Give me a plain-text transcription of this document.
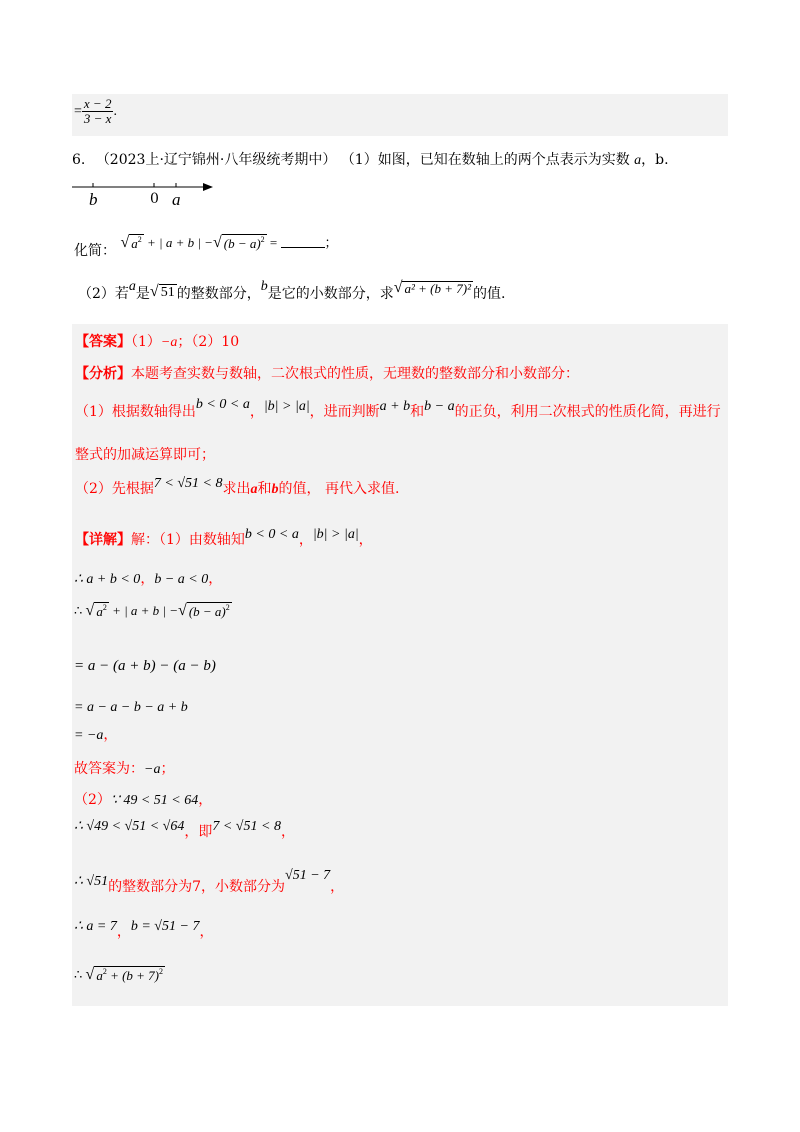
= $\frac{x - 2}{3 - x}$ .
6. （2023上·辽宁锦州·八年级统考期中） （1）如图，已知在数轴上的两个点表示为实数 a，b.
b	0 a
化简： √ $a^2$ + | a + b | − √ $(b - a)^2$ =	；
（2）若a是 √ 51 的整数部分，b是它的小数部分，求 √ a² + (b + 7)² 的值.
【答案】（1）−a；（2）10
【分析】本题考查实数与数轴，二次根式的性质，无理数的整数部分和小数部分：
（1）根据数轴得出b < 0 < a，|b| > |a|，进而判断a + b和b − a的正负，利用二次根式的性质化简，再进行
整式的加减运算即可；
（2）先根据7 < √51 < 8求出a和b的值， 再代入求值.
【详解】解：（1）由数轴知b < 0 < a，|b| > |a|，
∴ a + b < 0，b − a < 0，
∴ √ $a^2$ + | a + b | − √ $(b - a)^2$
= a − (a + b) − (a − b)
= a − a − b − a + b
= −a，
故答案为：−a；
（2）∵ 49 < 51 < 64，
∴ √49 < √51 < √64，即7 < √51 < 8，
∴ √51的整数部分为7，小数部分为√51 − 7，
∴ a = 7，b = √51 − 7，
∴ √ $a^2 + (b + 7)^2$
